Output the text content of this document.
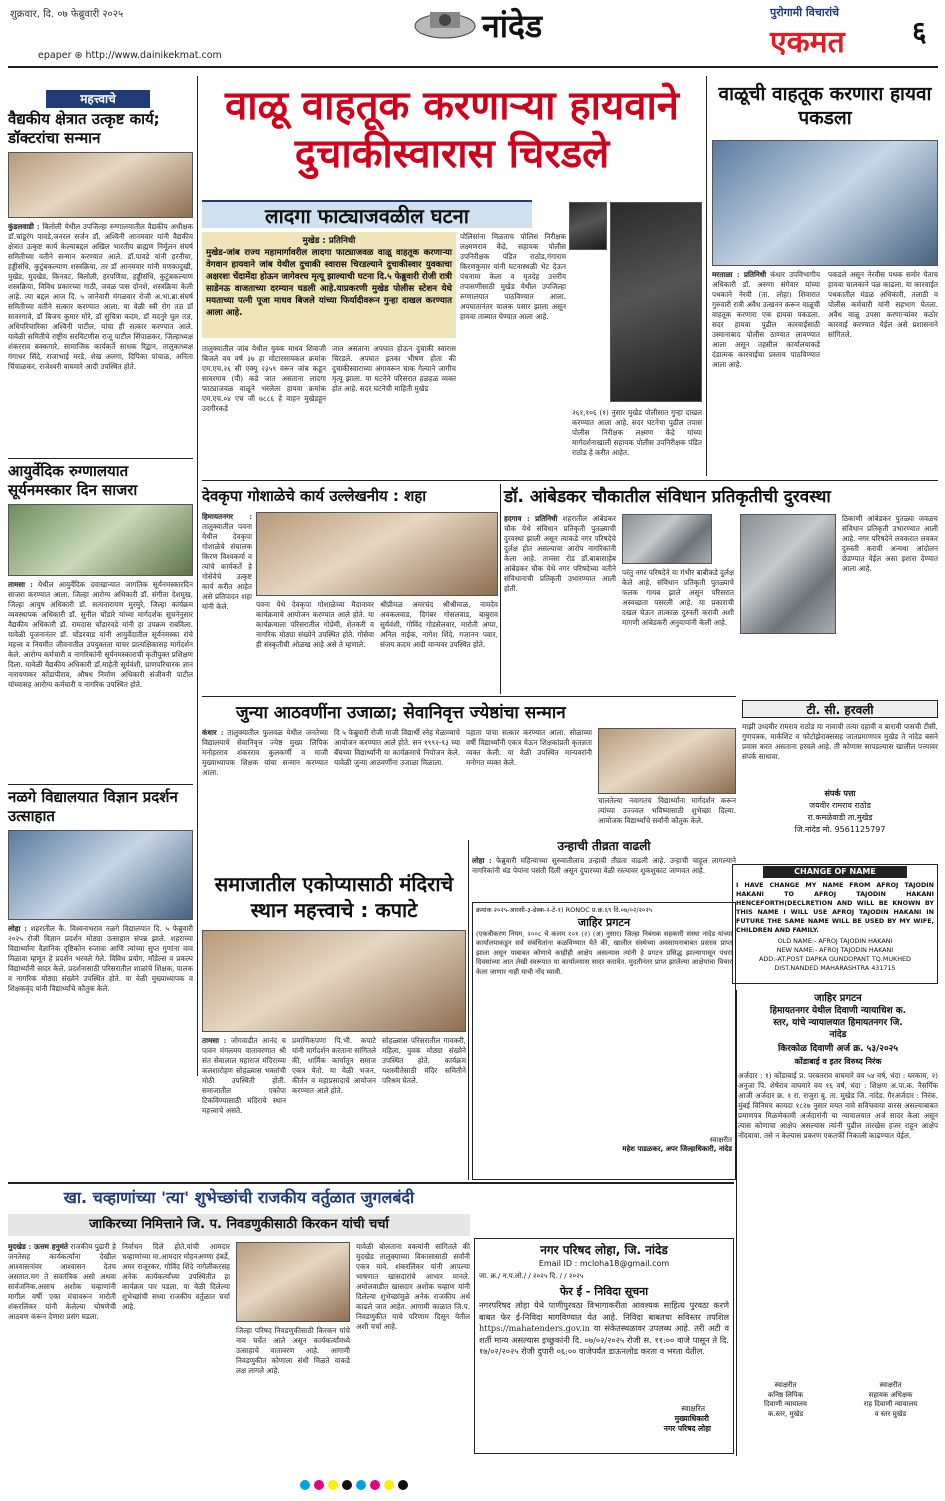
शुक्रवार, दि. ०७ फेब्रुवारी २०२५	नांदेड
epaper ⊛ http://www.dainikekmat.com
पुरोगामी विचारांचे
एकमत ६
महत्त्वाचे
वैद्यकीय क्षेत्रात उत्कृष्ट कार्य; डॉक्टरांचा सन्मान
कुंडलवाडी : बिलोली येथील उपजिल्हा रुग्णालयातील वैद्यकीय अधीक्षक डॉ.चांडूरंग पावडे,जनरल सर्जन डॉ. अश्विनी आनमवार यांनी वैद्यकीय क्षेत्रात उत्कृष्ट कार्य केल्याबद्दल अखिल भारतीय ब्राह्मण निर्मूलन संघर्ष समितीच्या वतीने सन्मान करण्यात आले. डॉ.पावडे यांनी हरनीचा, हड्डीसंधि, कुटुंबकल्याण शस्त्रक्रिया, तर डॉ आनमवार यांनी मणकादुखी, मुखेड, मुदखेड, किनवट, बिलोली, हरपणिया, हड्डीसंधि, कुटुंबकल्याण शस्त्रक्रिया, विविध प्रकारच्या गाठी, जवळ पास दोनशे, शस्त्रक्रिया केली आहे. त्या बद्दल आज दि. ५ जानेवारी मंगळवार रोजी अ.भा.ब्रा.संघर्ष समितीच्या वतीने सत्कार करण्यात आला. या वेळी स्त्री रोग तज्ञ डॉ सावरगावे, डॉ बिजय कुमार मोरे, डॉ सुचित्रा कदम, डॉ मदनुरे घुल तज्ञ, अधिपरिचारिका अश्विनी पाटील, यांचा ही सत्कार करण्यात आले. यावेळी समितीचे राष्ट्रीय सरचिटणीस राजू पाटील सिंपाळकर, जिल्हाध्यक्ष शंकरराव बक्कगारे, सामाजिक कार्यकर्ते साधक रिद्वान, तालुकाध्यक्ष गंगाधर सिंदे, राजाभाई मरडे, शेख अलगा, दिपिका पांचाळ, अनिता चिंचाळकर, राजेश्वरी वाघमारे आदी उपस्थित होते.
आयुर्वेदिक रुग्णालयात सूर्यनमस्कार दिन साजरा
तामसा : येथील आयुर्वेदिक दवाखान्यात जागतिक सूर्यनमस्कारदिन साजरा करण्यात आला. जिल्हा आरोग्य अधिकारी डॉ. संगीता देशमुख, जिल्हा आयुष अधिकारी डॉ. सत्यनारायण मुरमुरे, जिल्हा कार्यक्रम व्यवस्थापक अधिकारी डॉ. सुनील चोंडारे यांच्या मार्गदर्शक सूचनेनुसार वैद्यकीय अधिकारी डॉ. रामदास चोंडारवडे यांनी हा उपक्रम राबविला. यावेळी पूजनानंतर डॉ. चोंडरवाड यांनी आयुर्वेदातील सूर्यनमस्का रांचे महत्त्व व नियमीत जीवनातील उपयुक्तता याचर प्रात्यक्षिकासह मार्गदर्शन केले. आरोग्य कर्मचारी व नागरिकांनी सूर्यनमस्काराची कृतीयुक्त प्रशिक्षण दिला. यावेळी वैद्यकीय अधिकारी डॉ.माहेती सूर्यवंशी, प्राणपरिचारक ज्ञान नारायणकर कोंडापीराव, औषध निर्माण अधिकारी संजीवनी पाटील यांच्यासह आरोग्य कर्मचारी व नागरिक उपस्थित होते.
नळगे विद्यालयात विज्ञान प्रदर्शन उत्साहात
लोहा : शहरातील कै. विश्वनाथराव नळगे विद्यालयात दि. ५ फेब्रुवारी २०२५ रोजी विज्ञान प्रदर्शन मोठ्या उत्साहात संपन्न झाले. शहराच्या विद्यार्थ्यांना वैज्ञानिक दृष्टिकोन रुजावा आणि त्यांच्या सुप्त गुणांना वाव मिळावा म्हणून हे प्रदर्शन भरवले गेले. विविध प्रयोग, मॉडेल्स व प्रकल्प विद्यार्थ्यांनी सादर केले. प्रदर्शनासाठी परिसरातील शाळांचे शिक्षक, पालक व नागरिक मोठ्या संख्येने उपस्थित होते. या वेळी मुख्याध्यापक व शिक्षकवृंद यांनी विद्यार्थ्यांचे कौतुक केले.
वाळू वाहतूक करणाऱ्या हायवाने
दुचाकीस्वारास चिरडले
लादगा फाट्याजवळील घटना
मुखेड : प्रतिनिधी
मुखेड-जांब राज्य महामार्गावरील लादगा फाट्याजवळ वाळू वाहतूक करणाऱ्या वेगवान हायवाने जांब येथील दुचाकी स्वारास चिरडल्याने दुचाकीस्वार युवकाचा अक्षरशः चेंदामेंदा होऊन जागेवरच मृत्यू झाल्याची घटना दि.५ फेब्रुवारी रोजी रात्री साडेनऊ वाजताच्या दरम्यान घडली आहे.याप्रकरणी मुखेड पोलीस स्टेशन येथे मयताच्या पत्नी पूजा माधव बिजले यांच्या फिर्यादीवरून गुन्हा दाखल करण्यात आला आहे.
पोलिसांना मिळताच पोलिस निरीक्षक लक्ष्मणराव केंद्रे, सहायक पोलीस उपनिरीक्षक पंडित राठोड,गंगाराम किरणकुमार यांनी घटनास्थळी भेट देऊन पंचनामा केला व मृतदेह उत्तरीय तपासणीसाठी मुखेड येथील उपजिल्हा रुग्णालयात पाठविण्यात आला. अपघातानंतर चालक पसार झाला असून हायवा ताब्यात घेण्यात आला आहे.
तालुक्यातील जांब येथील युवक माधव शिवाजी बिजले वय वर्ष ३७ हा मोटारसायकल क्रमांक एम.एच.२६ सी एक्यू २३५९ वरून जांब कडून सावरगाव (पी) कडे जात असताना लादगा फाट्याजवळ वाळूने भरलेला हायवा क्रमांक एम.एच.०४ एच जी ७८८६ हे वाहन मुखेडहून उदगीरकडे
जात असताना अपघात होऊन दुचाकी स्वारास चिरडले. अपघात इतका भीषण होता की दुचाकीस्वाराच्या अंगावरून चाक गेल्याने जागीच मृत्यू झाला. या घटनेने परिसरात हळहळ व्यक्त होत आहे. सदर घटनेची माहिती मुखेड
२६१,१०६ (१) नुसार मुखेड पोलीसात गुन्हा दाखल करण्यात आला आहे. सदर घटनेचा पुढील तपास पोलीस निरीक्षक लक्ष्मण केंद्रे यांच्या मार्गदर्शनाखाली सहायक पोलीस उपनिरीक्षक पंडित राठोड हे करीत आहेत.
वाळूची वाहतूक करणारा हायवा पकडला
मरताळा : प्रतिनिधी कंधार उपविभागीय अधिकारी डॉ. अरुणा संगेवार यांच्या पथकाने नेरवी (ता. लोहा) शिवारात गुरुवारी रात्री अवैध उत्खनन करून वाळूची वाहतूक करणारा एक हायवा पकडला. सदर हायवा पुढील कारवाईसाठी उस्मानाबाद पोलीस ठाण्यात लावण्यात आला असून तहसील कार्यालयाकडे दंडात्मक कारवाईचा प्रस्ताव पाठविण्यात आला आहे.
पकडले असून नेरवीस पथक समोर येताच हायवा चालकाने पळ काढला. या कारवाईत पथकातील मंडळ अधिकारी, तलाठी व पोलीस कर्मचारी यांनी सहभाग घेतला. अवैध वाळू उपसा करणाऱ्यांवर कठोर कारवाई करण्यात येईल असे प्रशासनाने सांगितले.
देवकृपा गोशाळेचे कार्य उल्लेखनीय : शहा
हिमायतनगर : तालुक्यातील पवना येथील देवकृपा गोशाळेचे संचालक किरण विश्वकर्मा व त्यांचे कार्यकर्ते हे गोसेवेचे उत्कृष्ट कार्य करीत आहेत असे प्रतिपादन शहा यांनी केले.	पवना येथे देवकृपा गोशाळेच्या मैदानावर कार्यक्रमाचे आयोजन करण्यात आले होते. या कार्यक्रमाला परिसरातील गोप्रेमी, शेतकरी व नागरिक मोठ्या संख्येने उपस्थित होते. गोसेवा ही संस्कृतीची ओळख आहे असे ते म्हणाले.
श्रीप्रीमळ अमरचंद श्रीश्रीमाळ, नामदेव अवकलवाड, दिगंबर गोसलवाड, बाबुराव सुर्यवंशी, गोविंद गोडसेलवार, मारोती अप्पा, अनिल नाईक, नागेश शिंदे, गजानन पवार, संजय कदम आदी मान्यवर उपस्थित होते.
डॉ. आंबेडकर चौकातील संविधान प्रतिकृतीची दुरवस्था
हदगाव : प्रतिनिधी शहरातील आंबेडकर चौक येथे संविधान प्रतिकृती पुतळ्याची दुरवस्था झाली असून त्याकडे नगर परिषदेचे दुर्लक्ष होत असल्याचा आरोप नागरिकांनी केला आहे. तामसा रोड डॉ.बाबासाहेब आंबेडकर चौक येथे नगर परिषदेच्या वतीने संविधानाची प्रतिकृती उभारण्यात आली होती.
परंतु नगर परिषदेने या गंभीर बाबीकडे दुर्लक्ष केले आहे. संविधान प्रतिकृती पुतळ्याचे फलक गायब झाले असून परिसरात अस्वच्छता पसरली आहे. या प्रकाराची दखल घेऊन तात्काळ दुरुस्ती करावी अशी मागणी आंबेडकरी अनुयायांनी केली आहे.
ठिकाणी आंबेडकर पुतळ्या जवळच संविधान प्रतिकृती उभारण्यात आली आहे. नगर परिषदेने लवकरात लवकर दुरुस्ती करावी अन्यथा आंदोलन छेडण्यात येईल असा इशारा देण्यात आला आहे.
जुन्या आठवणींना उजाळा; सेवानिवृत्त ज्येष्ठांचा सन्मान
कंधार : तालुक्यातील फुलवळ येथील जनतेच्या विद्यालयाचे सेवानिवृत्त ज्येष्ठ मुख्य लिपिक मनोहरराव शंकरराव कुलकर्णी व माजी मुख्याध्यापक शिक्षक यांचा सन्मान करण्यात आला.
दि ५ फेब्रुवारी रोजी माजी विद्यार्थी स्नेह मेळाव्याचे आयोजन करण्यात आले होते. सन १९९२-९३ च्या बॅचच्या विद्यार्थ्यांनी या कार्यक्रमाचे नियोजन केले. यावेळी जुन्या आठवणींना उजाळा मिळाला.
पहाता पाचा सत्कार करण्यात आला. सोळाव्या वर्षी विद्यार्थ्यांनी एकत्र येऊन शिक्षकांप्रती कृतज्ञता व्यक्त केली. या वेळी उपस्थित मान्यवरांनी मनोगत व्यक्त केले.
चालतेल्या नवागतच विद्यार्थ्यांना मार्गदर्शन करून त्यांच्या उज्ज्वल भविष्यासाठी शुभेच्छा दिल्या. आयोजक विद्यार्थ्यांचे सर्वांनी कौतुक केले.
समाजातील एकोप्यासाठी मंदिराचे
स्थान महत्त्वाचे : कपाटे
तामसा : जोगवाडीत आनंद च पावन मंगलमय वातावरणात श्री संत सेवालाल महाराज मंदिराच्या कलशारोहण सोहळ्यास भक्तांची मोठी उपस्थिती होती. समाजातील एकोपा टिकविण्यासाठी मंदिराचे स्थान महत्त्वाचे असते.
प्रमाणिकपणा पि.भी. कपाटे यांनी मार्गदर्शन करताना सांगितले की, धार्मिक कार्यातून समाज एकत्र येतो. या वेळी भजन, कीर्तन व महाप्रसादाचे आयोजन करण्यात आले होते.
सोहळ्यास परिसरातील गावकरी, महिला, युवक मोठ्या संख्येने उपस्थित होते. कार्यक्रम यशस्वीतेसाठी मंदिर समितीने परिश्रम घेतले.
उन्हाची तीव्रता वाढली
लोहा : फेब्रुवारी महिन्याच्या सुरुवातीलाच उन्हाची तीव्रता वाढली आहे. उन्हाची चाहूल लागल्याने नागरिकांनी थंड पेयांना पसंती दिली असून दुपारच्या वेळी रस्त्यावर शुकशुकाट जाणवत आहे.
क्रमांक २०२५-आरसी-३-डेस्क-२-टे-१) RONOC प्र.क्र.६९ दि.०७/०२/२०२५
जाहिर प्रगटन
(एकत्रीकरण नियम, २००८ चे कलम १०१ (२) (अ) नुसार) जिल्हा निबंधक सहकारी संस्था नांदेड यांच्या कार्यालयाकडून सर्व संबंधितांना कळविण्यात येते की, खालील संस्थेच्या अवसायनाबाबत प्रस्ताव प्राप्त झाला असून याबाबत कोणाचे काहीही आक्षेप असल्यास त्यांनी हे प्रगटन प्रसिद्ध झाल्यापासून पंधरा दिवसांच्या आत लेखी स्वरूपात या कार्यालयास सादर करावेत. मुदतीनंतर प्राप्त झालेल्या आक्षेपांचा विचार केला जाणार नाही याची नोंद घ्यावी.
स्वाक्षरीत
महेश पाडळकर, अपर जिल्हाधिकारी, नांदेड
टी. सी. हरवली
माझी उध्दवीर रामराव राठोड या नावाची तत्या दहावी व बारावी पासची टीसी, गुणपत्रक, मार्कशिट व फोटोझेराक्ससह जातप्रमाणपत्र मुखेड ते नांदेड बसने प्रवास करत असताना हरवले आहे. ती कोणास सापडल्यास खालील पत्त्यावर संपर्क साधावा.
संपर्क पत्ता
जयवीर रामराव राठोड
रा.कमळेवाडी ता.मुखेड
जि.नांदेड मो. 9561125797
CHANGE OF NAME
I HAVE CHANGE MY NAME FROM AFROJ TAJODIN HAKANI TO AFROJ TAJODIN HAKANI HENCEFORTH(DECLRETION AND WILL BE KNOWN BY THIS NAME I WILL USE AFROJ TAJODIN HAKANI IN FUTURE THE SAME NAME WILL BE USED BY MY WIFE, CHILDREN AND FAMILY.
OLD NAME:- AFROJ TAJODIN HAKANI
NEW NAME:- AFROJ TAJODIN HAKANI
ADD:-AT.POST DAPKA GUNDOPANT TQ.MUKHED
DIST.NANDED MAHARASHTRA 431715
जाहिर प्रगटन
हिमायतनगर येथील दिवाणी न्यायाधिश क.
स्तर, यांचे न्यायालयात हिमायतनगर जि.
नांदेड
किरकोळ दिवाणी अर्ज क्र. ५३/२०२५
कोंडाबाई व इतर विरुध्द निरंक
अर्जदार : १) कोंडाबाई प्र. परबतराव वाघमारे वय ५४ वर्ष, धंदा : घरकाम, २) अनुजा पि. शेषेराव वाघमारे वय १६ वर्ष, धंदा : शिक्षण अ.पा.क. नैसर्गिक आजी अर्जदार क्र. १ रा. राजुरा बु. ता. मुखेड जि. नांदेड. गैरअर्जदार : निरंक. मुंबई विनिमय कायदा १८२७ नुसार मयत नामे सविचवाया वारस असल्याबाबत प्रमाणपत्र मिळणेकामी अर्जदारांनी या न्यायालयात अर्ज सादर केला असून त्यास कोणाचा आक्षेप असल्यास त्यांनी पुढील तारखेस हजर राहून आक्षेप नोंदवावा. तसे न केल्यास प्रकरण एकतर्फी निकाली काढण्यात येईल.
स्वाक्षरीत
कनिष्ठ लिपिक
दिवाणी न्यायालय
क.स्तर, मुखेड
स्वाक्षरीत
सहायक अधिक्षक
राह दिवाणी न्यायालय
व स्तर मुखेड
खा. चव्हाणांच्या 'त्या' शुभेच्छांची राजकीय वर्तुळात जुगलबंदी
जाकिरच्या निमित्ताने जि. प. निवडणुकीसाठी किरकन यांची चर्चा
मुदखेड : ऊत्तम हनुमंते राजकीय पुढारी हे जनतेसह कार्यकर्त्यांना देखील आश्वासनांवर आश्वासन देतच असतात.मग ते सवतंत्रिक असो अथवा सार्वजनिक.असाच अशोक चव्हाणांनी मागील वर्षी एका मंचावरून मारोती शंकरलिंकर यांनी केलेल्या घोषणेची आठवण करून देणारा प्रसंग घडला.
निर्वाचन दिले होते.यांची आमदार चव्हाणांच्या मा.आमदार मोहनअण्णा हंबर्डे, अमर राजूरकर, गोविंद शिंदे नागेलीकरसह अनेक कार्यकर्त्यांच्या उपस्थितीत हा कार्यक्रम पार पडला. या वेळी दिलेल्या शुभेच्छांची सध्या राजकीय वर्तुळात चर्चा आहे.
जिल्हा परिषद निवडणुकीसाठी किरकन यांचे नाव चर्चेत आले असून कार्यकर्त्यांमध्ये उत्साहाचे वातावरण आहे. आगामी निवडणुकीत कोणाला संधी मिळते याकडे लक्ष लागले आहे.
यावेळी बोलताना वक्त्यांनी सांगितले की मुदखेड तालुक्याच्या विकासासाठी सर्वांनी एकत्र यावे. शंकरलिंकर यांनी आपल्या भाषणात खासदारांचे आभार मानले. अमोलवाडीत खासदार अशोक चव्हाण यांनी दिलेल्या शुभेच्छांमुळे अनेक राजकीय अर्थ काढले जात आहेत. आगामी काळात जि.प. निवडणुकीत याचे परिणाम दिसून येतील अशी चर्चा आहे.
नगर परिषद लोहा, जि. नांदेड
Email ID : mcloha18@gmail.com
जा. क्र./ न.प.लो./ / २०२५ दि. / / २०२५
फेर ई - निविदा सूचना
नगरपरिषद लोहा येथे पाणीपुरवठा विभागाकरीता आवश्यक साहित्य पुरवठा करणे बाबत फेर ई-निविदा मागविण्यात येत आहे. निविदा बाबतचा सविस्तर तपशिल https://mahatenders.gov.in या संकेतस्थळावर उपलब्ध आहे. तरी अटी व शर्ती मान्य असल्यास इच्छुकांनी दि. ०७/०२/२०२५ रोजी स. ११:०० वाजे पासून ते दि. १७/०२/२०२५ रोजी दुपारी ०६:०० वाजेपर्यंत डाऊनलोड करता व भरता येतील.
स्वाक्षरित
मुख्याधिकारी
नगर परिषद लोहा
